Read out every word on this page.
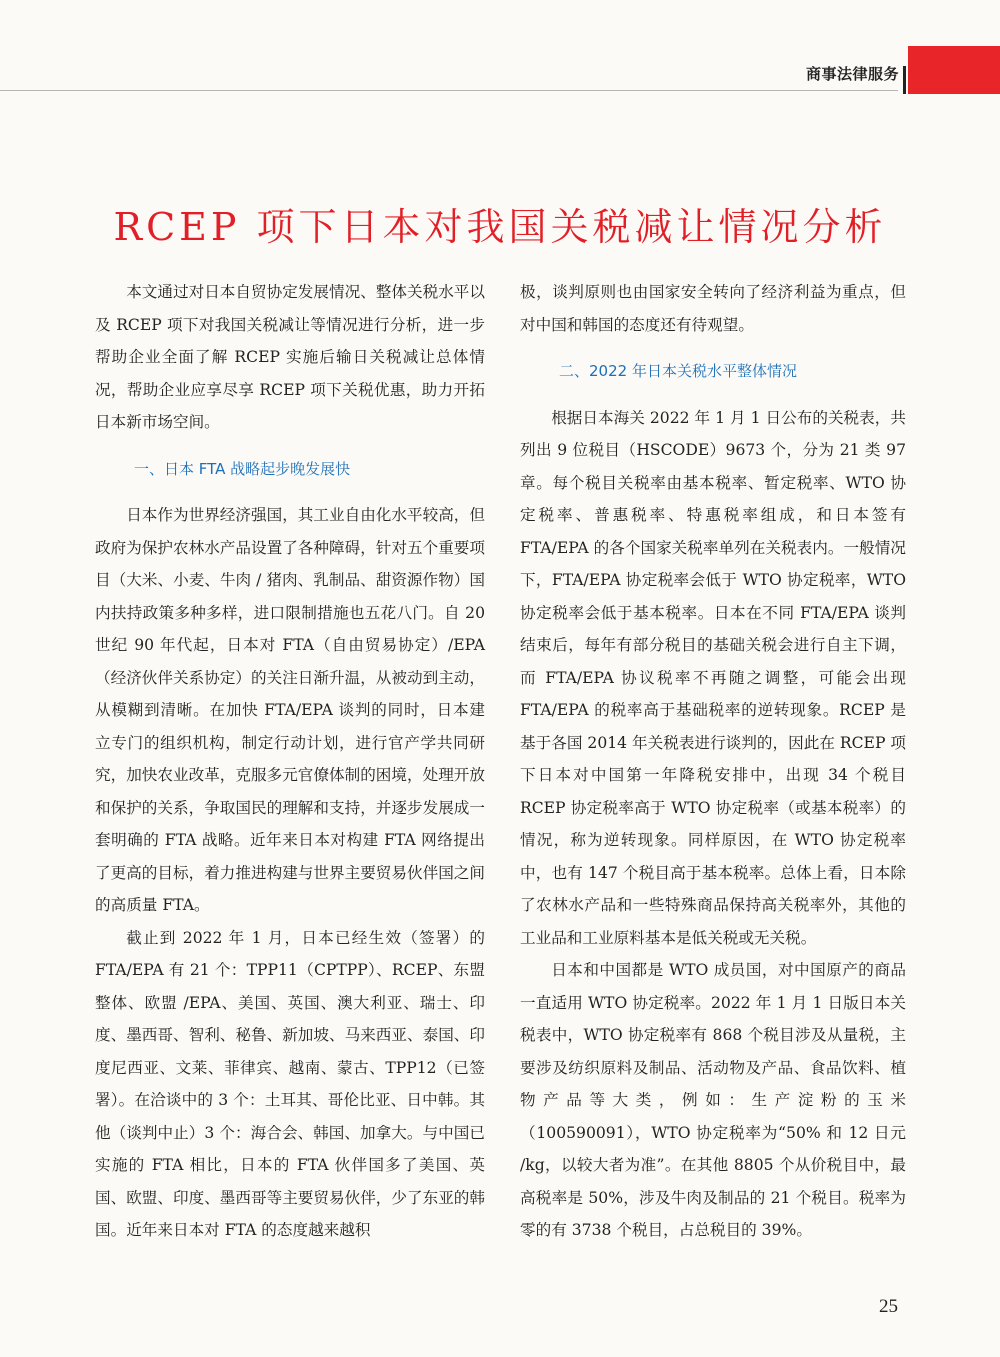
商事法律服务
RCEP 项下日本对我国关税减让情况分析

本文通过对日本自贸协定发展情况、整体关税水平以及 RCEP 项下对我国关税减让等情况进行分析，进一步帮助企业全面了解 RCEP 实施后输日关税减让总体情况，帮助企业应享尽享 RCEP 项下关税优惠，助力开拓日本新市场空间。

一、日本 FTA 战略起步晚发展快

日本作为世界经济强国，其工业自由化水平较高，但政府为保护农林水产品设置了各种障碍，针对五个重要项目（大米、小麦、牛肉 / 猪肉、乳制品、甜资源作物）国内扶持政策多种多样，进口限制措施也五花八门。自 20 世纪 90 年代起，日本对 FTA（自由贸易协定）/EPA（经济伙伴关系协定）的关注日渐升温，从被动到主动，从模糊到清晰。在加快 FTA/EPA 谈判的同时，日本建立专门的组织机构，制定行动计划，进行官产学共同研究，加快农业改革，克服多元官僚体制的困境，处理开放和保护的关系，争取国民的理解和支持，并逐步发展成一套明确的 FTA 战略。近年来日本对构建 FTA 网络提出了更高的目标，着力推进构建与世界主要贸易伙伴国之间的高质量 FTA。

截止到 2022 年 1 月，日本已经生效（签署）的 FTA/EPA 有 21 个：TPP11（CPTPP）、RCEP、东盟整体、欧盟 /EPA、美国、英国、澳大利亚、瑞士、印度、墨西哥、智利、秘鲁、新加坡、马来西亚、泰国、印度尼西亚、文莱、菲律宾、越南、蒙古、TPP12（已签署）。在洽谈中的 3 个：土耳其、哥伦比亚、日中韩。其他（谈判中止）3 个：海合会、韩国、加拿大。与中国已实施的 FTA 相比，日本的 FTA 伙伴国多了美国、英国、欧盟、印度、墨西哥等主要贸易伙伴，少了东亚的韩国。近年来日本对 FTA 的态度越来越积

极，谈判原则也由国家安全转向了经济利益为重点，但对中国和韩国的态度还有待观望。

二、2022 年日本关税水平整体情况

根据日本海关 2022 年 1 月 1 日公布的关税表，共列出 9 位税目（HSCODE）9673 个，分为 21 类 97 章。每个税目关税率由基本税率、暂定税率、WTO 协定税率、普惠税率、特惠税率组成，和日本签有 FTA/EPA 的各个国家关税率单列在关税表内。一般情况下，FTA/EPA 协定税率会低于 WTO 协定税率，WTO 协定税率会低于基本税率。日本在不同 FTA/EPA 谈判结束后，每年有部分税目的基础关税会进行自主下调，而 FTA/EPA 协议税率不再随之调整，可能会出现 FTA/EPA 的税率高于基础税率的逆转现象。RCEP 是基于各国 2014 年关税表进行谈判的，因此在 RCEP 项下日本对中国第一年降税安排中，出现 34 个税目 RCEP 协定税率高于 WTO 协定税率（或基本税率）的情况，称为逆转现象。同样原因，在 WTO 协定税率中，也有 147 个税目高于基本税率。总体上看，日本除了农林水产品和一些特殊商品保持高关税率外，其他的工业品和工业原料基本是低关税或无关税。

日本和中国都是 WTO 成员国，对中国原产的商品一直适用 WTO 协定税率。2022 年 1 月 1 日版日本关税表中，WTO 协定税率有 868 个税目涉及从量税，主要涉及纺织原料及制品、活动物及产品、食品饮料、植物产品等大类，例如：生产淀粉的玉米（100590091），WTO 协定税率为“50% 和 12 日元 /kg，以较大者为准”。在其他 8805 个从价税目中，最高税率是 50%，涉及牛肉及制品的 21 个税目。税率为零的有 3738 个税目，占总税目的 39%。

25
